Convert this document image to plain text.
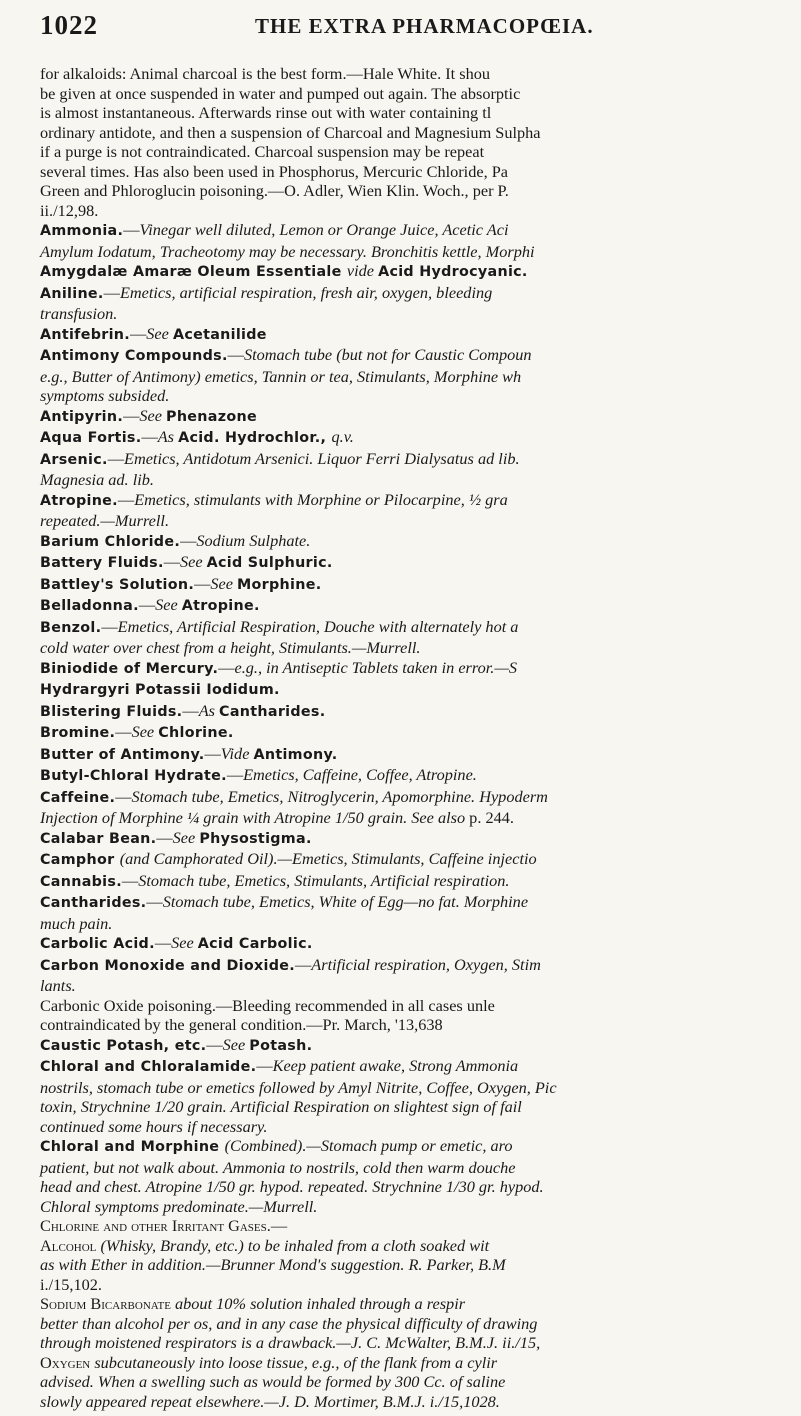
1022	THE EXTRA PHARMACOPŒIA.
for alkaloids: Animal charcoal is the best form.—Hale White. It shou
be given at once suspended in water and pumped out again. The absorptic
is almost instantaneous. Afterwards rinse out with water containing tl
ordinary antidote, and then a suspension of Charcoal and Magnesium Sulpha
if a purge is not contraindicated. Charcoal suspension may be repeat
several times. Has also been used in Phosphorus, Mercuric Chloride, Pa
Green and Phloroglucin poisoning.—O. Adler, Wien Klin. Woch., per P.
ii./12,98.
Ammonia.—Vinegar well diluted, Lemon or Orange Juice, Acetic Aci
Amylum Iodatum, Tracheotomy may be necessary. Bronchitis kettle, Morphi
Amygdalæ Amaræ Oleum Essentiale vide Acid Hydrocyanic.
Aniline.—Emetics, artificial respiration, fresh air, oxygen, bleeding
transfusion.
Antifebrin.—See Acetanilide
Antimony Compounds.—Stomach tube (but not for Caustic Compoun
e.g., Butter of Antimony) emetics, Tannin or tea, Stimulants, Morphine wh
symptoms subsided.
Antipyrin.—See Phenazone
Aqua Fortis.—As Acid. Hydrochlor., q.v.
Arsenic.—Emetics, Antidotum Arsenici. Liquor Ferri Dialysatus ad lib.
Magnesia ad. lib.
Atropine.—Emetics, stimulants with Morphine or Pilocarpine, ½ gra
repeated.—Murrell.
Barium Chloride.—Sodium Sulphate.
Battery Fluids.—See Acid Sulphuric.
Battley's Solution.—See Morphine.
Belladonna.—See Atropine.
Benzol.—Emetics, Artificial Respiration, Douche with alternately hot a
cold water over chest from a height, Stimulants.—Murrell.
Biniodide of Mercury.—e.g., in Antiseptic Tablets taken in error.—S
Hydrargyri Potassii Iodidum.
Blistering Fluids.—As Cantharides.
Bromine.—See Chlorine.
Butter of Antimony.—Vide Antimony.
Butyl-Chloral Hydrate.—Emetics, Caffeine, Coffee, Atropine.
Caffeine.—Stomach tube, Emetics, Nitroglycerin, Apomorphine. Hypoderm
Injection of Morphine ¼ grain with Atropine 1/50 grain. See also p. 244.
Calabar Bean.—See Physostigma.
Camphor (and Camphorated Oil).—Emetics, Stimulants, Caffeine injectio
Cannabis.—Stomach tube, Emetics, Stimulants, Artificial respiration.
Cantharides.—Stomach tube, Emetics, White of Egg—no fat. Morphine
much pain.
Carbolic Acid.—See Acid Carbolic.
Carbon Monoxide and Dioxide.—Artificial respiration, Oxygen, Stim
lants.
Carbonic Oxide poisoning.—Bleeding recommended in all cases unle
contraindicated by the general condition.—Pr. March, '13,638
Caustic Potash, etc.—See Potash.
Chloral and Chloralamide.—Keep patient awake, Strong Ammonia
nostrils, stomach tube or emetics followed by Amyl Nitrite, Coffee, Oxygen, Pic
toxin, Strychnine 1/20 grain. Artificial Respiration on slightest sign of fail
continued some hours if necessary.
Chloral and Morphine (Combined).—Stomach pump or emetic, aro
patient, but not walk about. Ammonia to nostrils, cold then warm douche
head and chest. Atropine 1/50 gr. hypod. repeated. Strychnine 1/30 gr. hypod.
Chloral symptoms predominate.—Murrell.
Chlorine and other Irritant Gases.—
Alcohol (Whisky, Brandy, etc.) to be inhaled from a cloth soaked wit
as with Ether in addition.—Brunner Mond's suggestion. R. Parker, B.M
i./15,102.
Sodium Bicarbonate about 10% solution inhaled through a respir
better than alcohol per os, and in any case the physical difficulty of drawing
through moistened respirators is a drawback.—J. C. McWalter, B.M.J. ii./15,
Oxygen subcutaneously into loose tissue, e.g., of the flank from a cylir
advised. When a swelling such as would be formed by 300 Cc. of saline
slowly appeared repeat elsewhere.—J. D. Mortimer, B.M.J. i./15,1028.
